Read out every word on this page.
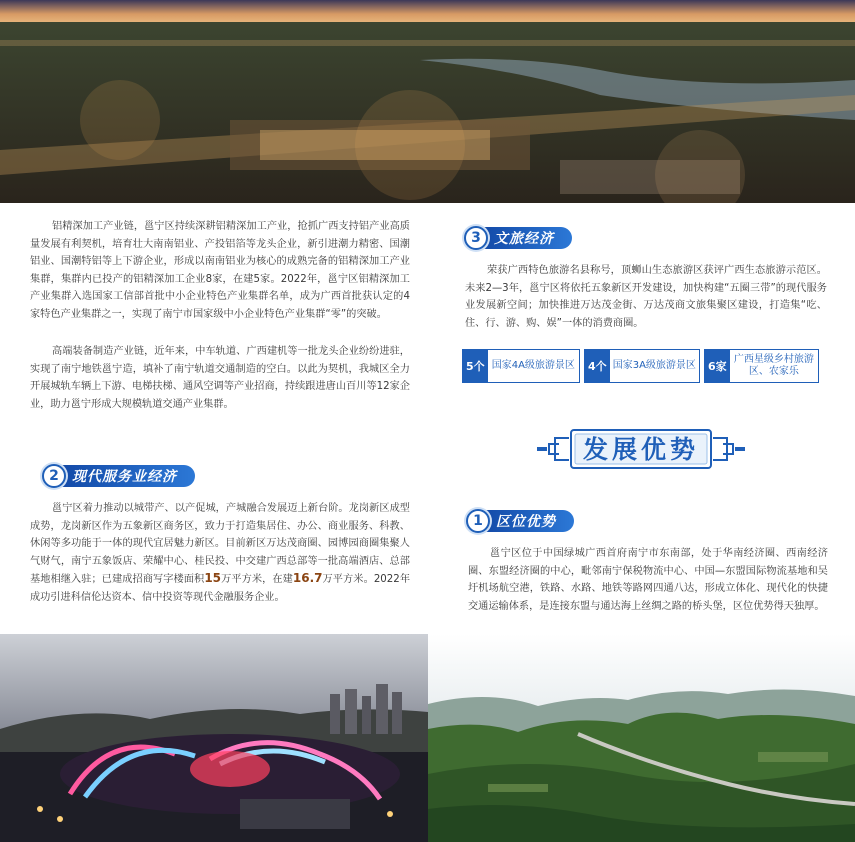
铝精深加工产业链，邕宁区持续深耕铝精深加工产业，抢抓广西支持铝产业高质量发展有利契机，培育壮大南南铝业、产投铝箔等龙头企业，新引进潮力精密、国潮铝业、国潮特铝等上下游企业，形成以南南铝业为核心的成熟完备的铝精深加工产业集群，集群内已投产的铝精深加工企业8家，在建5家。2022年，邕宁区铝精深加工产业集群入选国家工信部首批中小企业特色产业集群名单，成为广西首批获认定的4家特色产业集群之一，实现了南宁市国家级中小企业特色产业集群“零”的突破。

高端装备制造产业链，近年来，中车轨道、广西建机等一批龙头企业纷纷进驻，实现了南宁地铁邕宁造，填补了南宁轨道交通制造的空白。以此为契机，我城区全力开展城轨车辆上下游、电梯扶梯、通风空调等产业招商，持续跟进唐山百川等12家企业，助力邕宁形成大规模轨道交通产业集群。

2 现代服务业经济

邕宁区着力推动以城带产、以产促城，产城融合发展迈上新台阶。龙岗新区成型成势，龙岗新区作为五象新区商务区，致力于打造集居住、办公、商业服务、科教、休闲等多功能于一体的现代宜居魅力新区。目前新区万达茂商圈、园博园商圈集聚人气财气，南宁五象饭店、荣耀中心、桂民投、中交建广西总部等一批高端酒店、总部基地相继入驻；已建成招商写字楼面积15万平方米，在建16.7万平方米。2022年成功引进科信伦达资本、信中投资等现代金融服务企业。

3 文旅经济

荣获广西特色旅游名县称号，顶蛳山生态旅游区获评广西生态旅游示范区。未来2—3年，邕宁区将依托五象新区开发建设，加快构建“五圈三带”的现代服务业发展新空间；加快推进万达茂金街、万达茂商文旅集聚区建设，打造集“吃、住、行、游、购、娱”一体的消费商圈。

5个 国家4A级旅游景区	4个 国家3A级旅游景区 6家
广西星级乡村旅游区、农家乐
发展优势
1 区位优势

邕宁区位于中国绿城广西首府南宁市东南部，处于华南经济圈、西南经济圈、东盟经济圈的中心，毗邻南宁保税物流中心、中国—东盟国际物流基地和吴圩机场航空港，铁路、水路、地铁等路网四通八达，形成立体化、现代化的快捷交通运输体系，是连接东盟与通达海上丝绸之路的桥头堡，区位优势得天独厚。
